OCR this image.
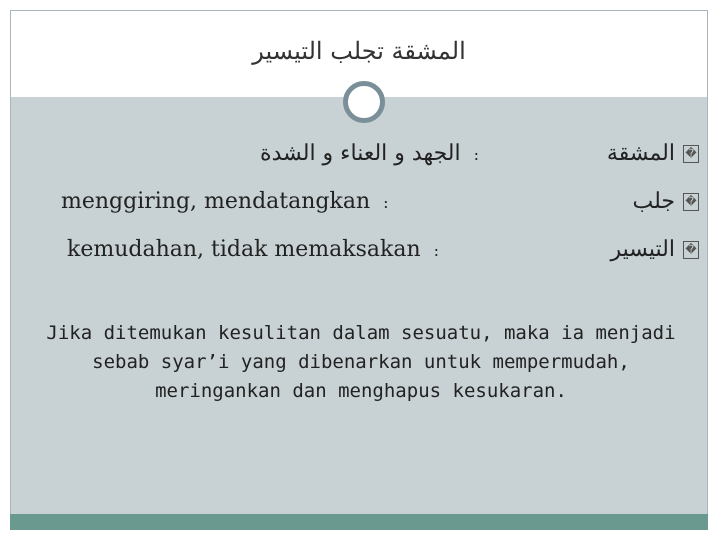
المشقة تجلب التيسير
�
المشقة
: الجهد و العناء و الشدة
�
جلب
menggiring, mendatangkan :
�
التيسير
kemudahan, tidak memaksakan :
Jika ditemukan kesulitan dalam sesuatu, maka ia menjadi sebab syar’i yang dibenarkan untuk mempermudah, meringankan dan menghapus kesukaran.
